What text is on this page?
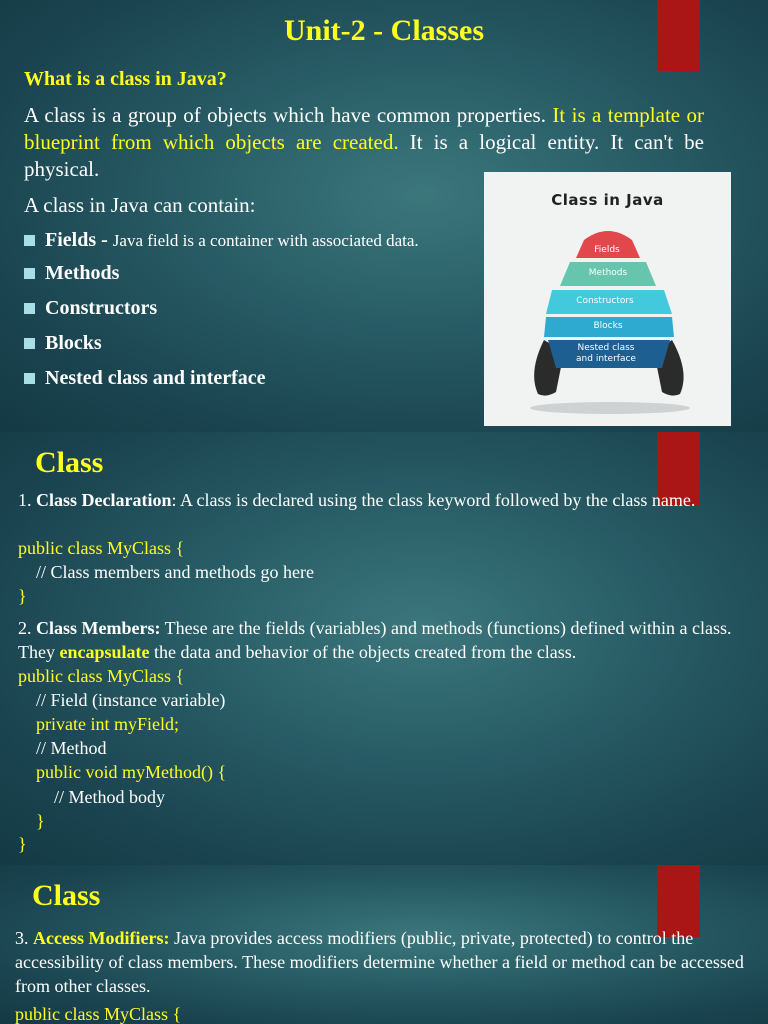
Unit-2 - Classes
What is a class in Java?
A class is a group of objects which have common properties. It is a template or blueprint from which objects are created. It is a logical entity. It can't be physical.
A class in Java can contain:
Fields - Java field is a container with associated data.
Methods
Constructors
Blocks
Nested class and interface
Class in Java
Fields
Methods
Constructors
Blocks
Nested class
and interface
Class
1. Class Declaration: A class is declared using the class keyword followed by the class name.
public class MyClass {
// Class members and methods go here
}
2. Class Members: These are the fields (variables) and methods (functions) defined within a class. They encapsulate the data and behavior of the objects created from the class.
public class MyClass {
// Field (instance variable)
private int myField;
// Method
public void myMethod() {
// Method body
}
}
Class
3. Access Modifiers: Java provides access modifiers (public, private, protected) to control the accessibility of class members. These modifiers determine whether a field or method can be accessed from other classes.
public class MyClass {
